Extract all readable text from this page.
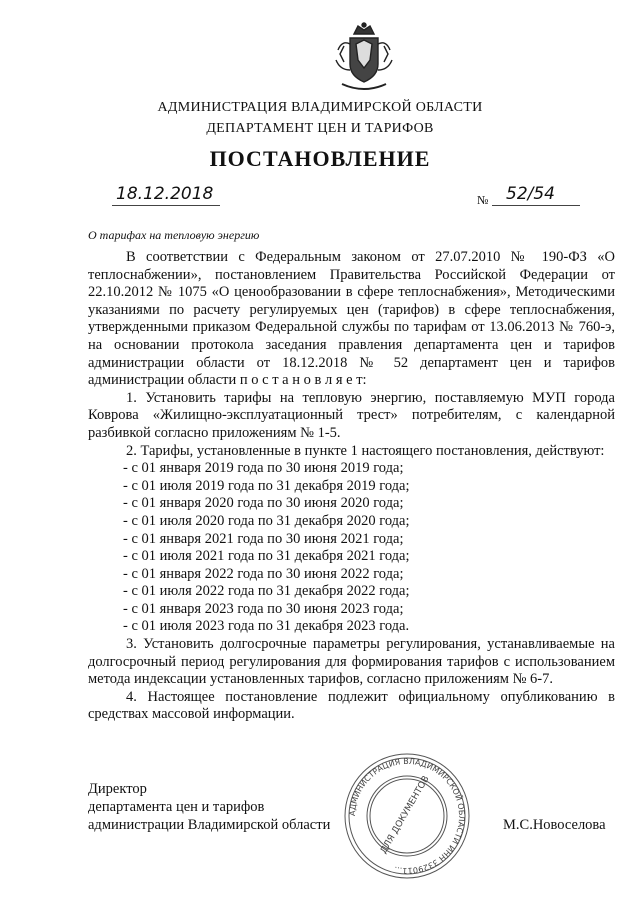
АДМИНИСТРАЦИЯ ВЛАДИМИРСКОЙ ОБЛАСТИ
ДЕПАРТАМЕНТ ЦЕН И ТАРИФОВ
ПОСТАНОВЛЕНИЕ
18.12.2018	№ 52/54
О тарифах на тепловую энергию

В соответствии с Федеральным законом от 27.07.2010 № 190-ФЗ «О теплоснабжении», постановлением Правительства Российской Федерации от 22.10.2012 № 1075 «О ценообразовании в сфере теплоснабжения», Методическими указаниями по расчету регулируемых цен (тарифов) в сфере теплоснабжения, утвержденными приказом Федеральной службы по тарифам от 13.06.2013 № 760-э, на основании протокола заседания правления департамента цен и тарифов администрации области от 18.12.2018 № 52 департамент цен и тарифов администрации области п о с т а н о в л я е т:

1. Установить тарифы на тепловую энергию, поставляемую МУП города Коврова «Жилищно-эксплуатационный трест» потребителям, с календарной разбивкой согласно приложениям № 1-5.

2. Тарифы, установленные в пункте 1 настоящего постановления, действуют:

- с 01 января 2019 года по 30 июня 2019 года;

- с 01 июля 2019 года по 31 декабря 2019 года;

- с 01 января 2020 года по 30 июня 2020 года;

- с 01 июля 2020 года по 31 декабря 2020 года;

- с 01 января 2021 года по 30 июня 2021 года;

- с 01 июля 2021 года по 31 декабря 2021 года;

- с 01 января 2022 года по 30 июня 2022 года;

- с 01 июля 2022 года по 31 декабря 2022 года;

- с 01 января 2023 года по 30 июня 2023 года;

- с 01 июля 2023 года по 31 декабря 2023 года.

3. Установить долгосрочные параметры регулирования, устанавливаемые на долгосрочный период регулирования для формирования тарифов с использованием метода индексации установленных тарифов, согласно приложениям № 6-7.

4. Настоящее постановление подлежит официальному опубликованию в средствах массовой информации.

Директор
департамента цен и тарифов
администрации Владимирской области	М.С.Новоселова
АДМИНИСТРАЦИЯ ВЛАДИМИРСКОЙ ОБЛАСТИ ИНН 3329011...
ДЛЯ ДОКУМЕНТОВ
